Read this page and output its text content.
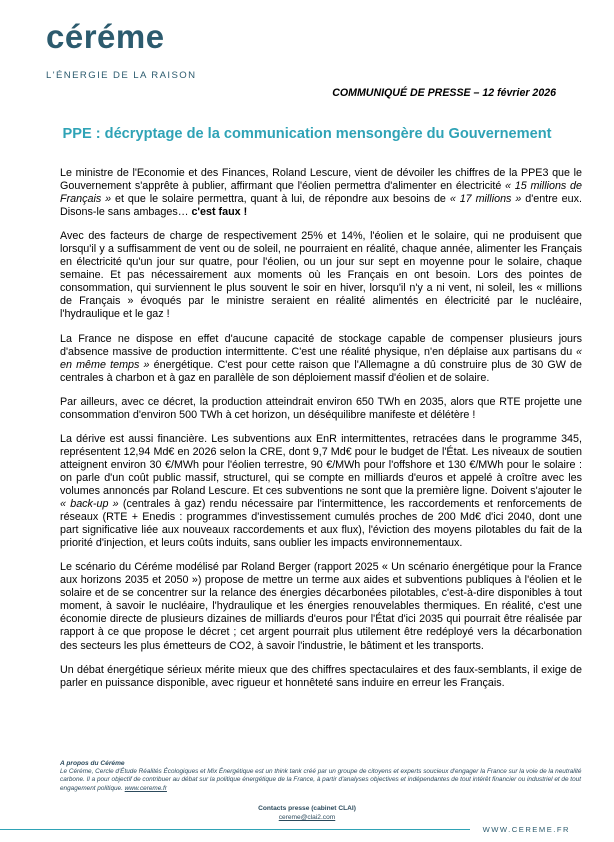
céréme
L'ÉNERGIE DE LA RAISON
COMMUNIQUÉ DE PRESSE – 12 février 2026
PPE : décryptage de la communication mensongère du Gouvernement

Le ministre de l'Economie et des Finances, Roland Lescure, vient de dévoiler les chiffres de la PPE3 que le Gouvernement s'apprête à publier, affirmant que l'éolien permettra d'alimenter en électricité « 15 millions de Français » et que le solaire permettra, quant à lui, de répondre aux besoins de « 17 millions » d'entre eux. Disons-le sans ambages… c'est faux !

Avec des facteurs de charge de respectivement 25% et 14%, l'éolien et le solaire, qui ne produisent que lorsqu'il y a suffisamment de vent ou de soleil, ne pourraient en réalité, chaque année, alimenter les Français en électricité qu'un jour sur quatre, pour l'éolien, ou un jour sur sept en moyenne pour le solaire, chaque semaine. Et pas nécessairement aux moments où les Français en ont besoin. Lors des pointes de consommation, qui surviennent le plus souvent le soir en hiver, lorsqu'il n'y a ni vent, ni soleil, les « millions de Français » évoqués par le ministre seraient en réalité alimentés en électricité par le nucléaire, l'hydraulique et le gaz !

La France ne dispose en effet d'aucune capacité de stockage capable de compenser plusieurs jours d'absence massive de production intermittente. C'est une réalité physique, n'en déplaise aux partisans du « en même temps » énergétique. C'est pour cette raison que l'Allemagne a dû construire plus de 30 GW de centrales à charbon et à gaz en parallèle de son déploiement massif d'éolien et de solaire.

Par ailleurs, avec ce décret, la production atteindrait environ 650 TWh en 2035, alors que RTE projette une consommation d'environ 500 TWh à cet horizon, un déséquilibre manifeste et délétère !

La dérive est aussi financière. Les subventions aux EnR intermittentes, retracées dans le programme 345, représentent 12,94 Md€ en 2026 selon la CRE, dont 9,7 Md€ pour le budget de l'État. Les niveaux de soutien atteignent environ 30 €/MWh pour l'éolien terrestre, 90 €/MWh pour l'offshore et 130 €/MWh pour le solaire : on parle d'un coût public massif, structurel, qui se compte en milliards d'euros et appelé à croître avec les volumes annoncés par Roland Lescure. Et ces subventions ne sont que la première ligne. Doivent s'ajouter le « back-up » (centrales à gaz) rendu nécessaire par l'intermittence, les raccordements et renforcements de réseaux (RTE + Enedis : programmes d'investissement cumulés proches de 200 Md€ d'ici 2040, dont une part significative liée aux nouveaux raccordements et aux flux), l'éviction des moyens pilotables du fait de la priorité d'injection, et leurs coûts induits, sans oublier les impacts environnementaux.

Le scénario du Céréme modélisé par Roland Berger (rapport 2025 « Un scénario énergétique pour la France aux horizons 2035 et 2050 ») propose de mettre un terme aux aides et subventions publiques à l'éolien et le solaire et de se concentrer sur la relance des énergies décarbonées pilotables, c'est-à-dire disponibles à tout moment, à savoir le nucléaire, l'hydraulique et les énergies renouvelables thermiques. En réalité, c'est une économie directe de plusieurs dizaines de milliards d'euros pour l'État d'ici 2035 qui pourrait être réalisée par rapport à ce que propose le décret ; cet argent pourrait plus utilement être redéployé vers la décarbonation des secteurs les plus émetteurs de CO2, à savoir l'industrie, le bâtiment et les transports.

Un débat énergétique sérieux mérite mieux que des chiffres spectaculaires et des faux-semblants, il exige de parler en puissance disponible, avec rigueur et honnêteté sans induire en erreur les Français.

A propos du Céréme
Le Céréme, Cercle d'Étude Réalités Écologiques et Mix Énergétique est un think tank créé par un groupe de citoyens et experts soucieux d'engager la France sur la voie de la neutralité carbone. Il a pour objectif de contribuer au débat sur la politique énergétique de la France, à partir d'analyses objectives et indépendantes de tout intérêt financier ou industriel et de tout engagement politique. www.cereme.fr
Contacts presse (cabinet CLAI)
cereme@clai2.com
WWW.CEREME.FR
